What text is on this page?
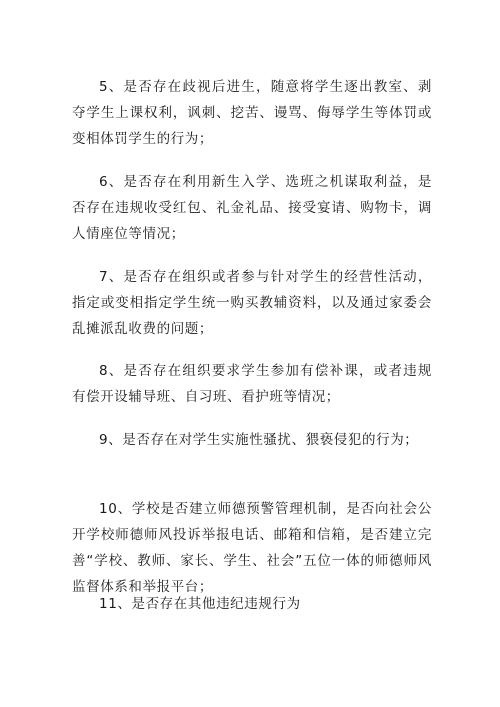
5、是否存在歧视后进生，随意将学生逐出教室、剥夺学生上课权利，讽刺、挖苦、谩骂、侮辱学生等体罚或变相体罚学生的行为；

6、是否存在利用新生入学、选班之机谋取利益，是否存在违规收受红包、礼金礼品、接受宴请、购物卡，调人情座位等情况；

7、是否存在组织或者参与针对学生的经营性活动，指定或变相指定学生统一购买教辅资料，以及通过家委会乱摊派乱收费的问题；

8、是否存在组织要求学生参加有偿补课，或者违规有偿开设辅导班、自习班、看护班等情况；

9、是否存在对学生实施性骚扰、猥亵侵犯的行为；

10、学校是否建立师德预警管理机制，是否向社会公开学校师德师风投诉举报电话、邮箱和信箱，是否建立完善“学校、教师、家长、学生、社会”五位一体的师德师风监督体系和举报平台；

11、是否存在其他违纪违规行为
